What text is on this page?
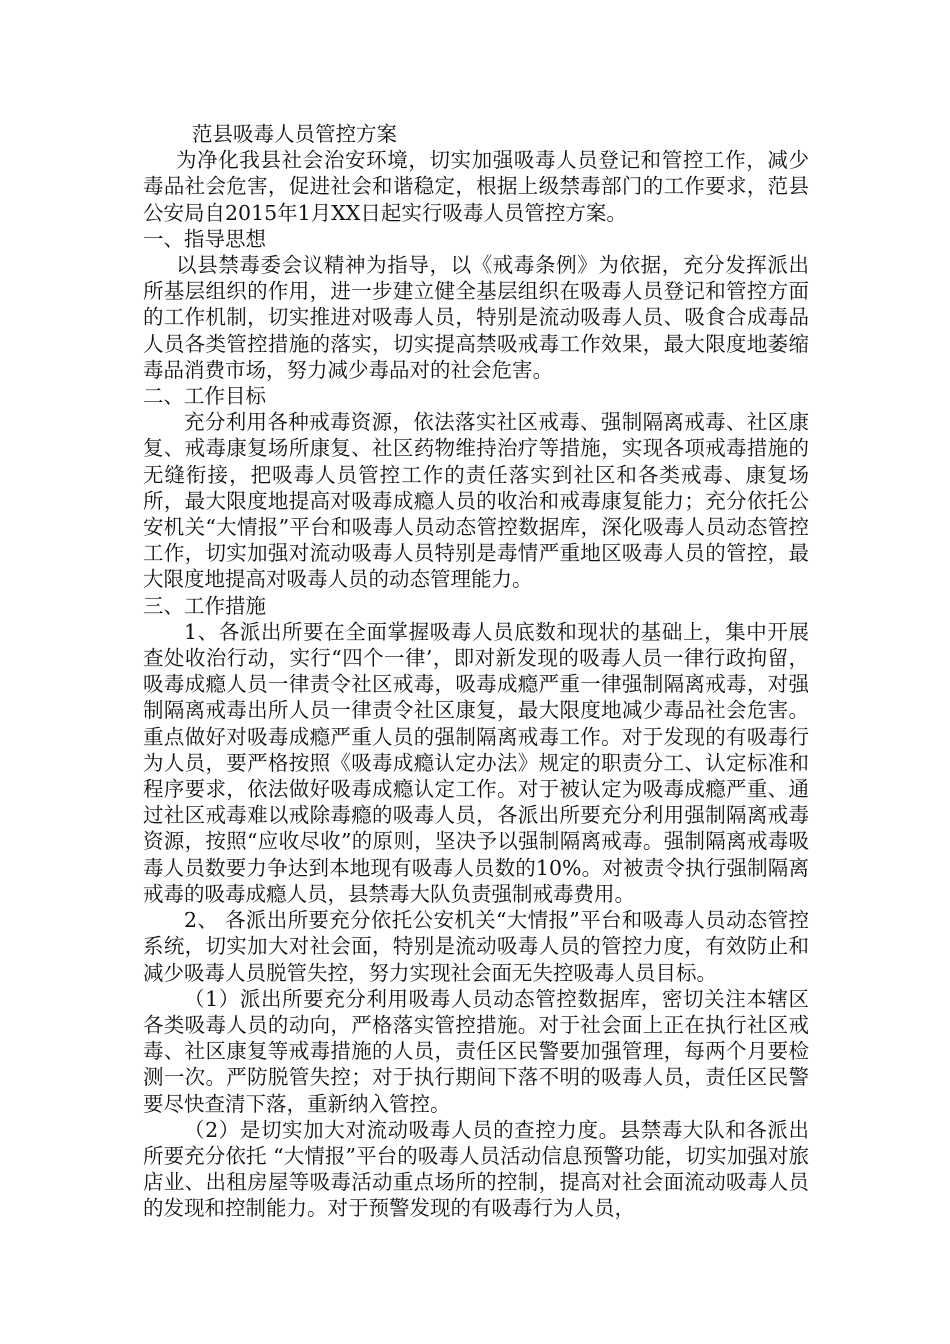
范县吸毒人员管控方案

为净化我县社会治安环境，切实加强吸毒人员登记和管控工作，减少毒品社会危害，促进社会和谐稳定，根据上级禁毒部门的工作要求，范县公安局自2015年1月XX日起实行吸毒人员管控方案。

一、指导思想

以县禁毒委会议精神为指导，以《戒毒条例》为依据，充分发挥派出所基层组织的作用，进一步建立健全基层组织在吸毒人员登记和管控方面的工作机制，切实推进对吸毒人员，特别是流动吸毒人员、吸食合成毒品人员各类管控措施的落实，切实提高禁吸戒毒工作效果，最大限度地萎缩毒品消费市场，努力减少毒品对的社会危害。

二、工作目标

充分利用各种戒毒资源，依法落实社区戒毒、强制隔离戒毒、社区康复、戒毒康复场所康复、社区药物维持治疗等措施，实现各项戒毒措施的无缝衔接，把吸毒人员管控工作的责任落实到社区和各类戒毒、康复场所，最大限度地提高对吸毒成瘾人员的收治和戒毒康复能力；充分依托公安机关“大情报”平台和吸毒人员动态管控数据库，深化吸毒人员动态管控工作，切实加强对流动吸毒人员特别是毒情严重地区吸毒人员的管控，最大限度地提高对吸毒人员的动态管理能力。

三、工作措施

1、各派出所要在全面掌握吸毒人员底数和现状的基础上，集中开展查处收治行动，实行“四个一律’，即对新发现的吸毒人员一律行政拘留，吸毒成瘾人员一律责令社区戒毒，吸毒成瘾严重一律强制隔离戒毒，对强制隔离戒毒出所人员一律责令社区康复，最大限度地减少毒品社会危害。重点做好对吸毒成瘾严重人员的强制隔离戒毒工作。对于发现的有吸毒行为人员，要严格按照《吸毒成瘾认定办法》规定的职责分工、认定标准和程序要求，依法做好吸毒成瘾认定工作。对于被认定为吸毒成瘾严重、通过社区戒毒难以戒除毒瘾的吸毒人员，各派出所要充分利用强制隔离戒毒资源，按照“应收尽收”的原则，坚决予以强制隔离戒毒。强制隔离戒毒吸毒人员数要力争达到本地现有吸毒人员数的10%。对被责令执行强制隔离戒毒的吸毒成瘾人员，县禁毒大队负责强制戒毒费用。

2、 各派出所要充分依托公安机关“大情报”平台和吸毒人员动态管控系统，切实加大对社会面，特别是流动吸毒人员的管控力度，有效防止和减少吸毒人员脱管失控，努力实现社会面无失控吸毒人员目标。

（1）派出所要充分利用吸毒人员动态管控数据库，密切关注本辖区各类吸毒人员的动向，严格落实管控措施。对于社会面上正在执行社区戒毒、社区康复等戒毒措施的人员，责任区民警要加强管理，每两个月要检测一次。严防脱管失控；对于执行期间下落不明的吸毒人员，责任区民警要尽快查清下落，重新纳入管控。

（2）是切实加大对流动吸毒人员的查控力度。县禁毒大队和各派出所要充分依托 “大情报”平台的吸毒人员活动信息预警功能，切实加强对旅店业、出租房屋等吸毒活动重点场所的控制，提高对社会面流动吸毒人员的发现和控制能力。对于预警发现的有吸毒行为人员，
